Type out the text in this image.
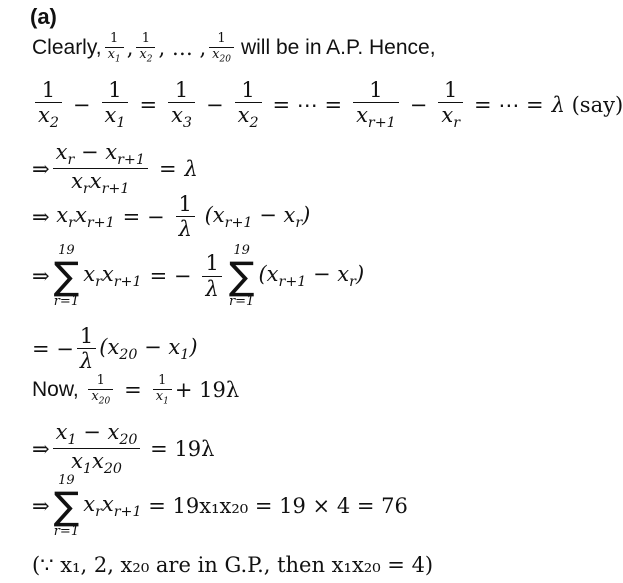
(a)
Clearly, $\frac{1}{x_1}$ , $\frac{1}{x_2}$ , … , $\frac{1}{x_{20}}$ will be in A.P. Hence,
$\frac{1}{x_2} - \frac{1}{x_1} = \frac{1}{x_3} - \frac{1}{x_2}$ = ⋯ = $\frac{1}{x_{r+1}} - \frac{1}{x_r}$ = ⋯ = λ
(say)
⇒ $\frac{x_r - x_{r+1}}{x_rx_{r+1}} = \lambda$
⇒
$x_rx_{r+1}$ = − $\frac{1}{\lambda}$
$(x_{r+1} - x_r)$
⇒
19
∑
r=1
$x_rx_{r+1}$ = − $\frac{1}{\lambda}$
19
∑
r=1
$(x_{r+1} - x_r)$
= − $\frac{1}{\lambda} (x_{20} - x_1)$
Now,
$\frac{1}{x_{20}} = \frac{1}{x_1} + 19\lambda$
⇒ $\frac{x_1 - x_{20}}{x_1x_{20}}$
= 19λ
⇒
19
∑
r=1
$x_rx_{r+1}$
= 19x₁x₂₀ = 19 × 4 = 76
(∵ x₁, 2, x₂₀ are in G.P., then x₁x₂₀ = 4)
